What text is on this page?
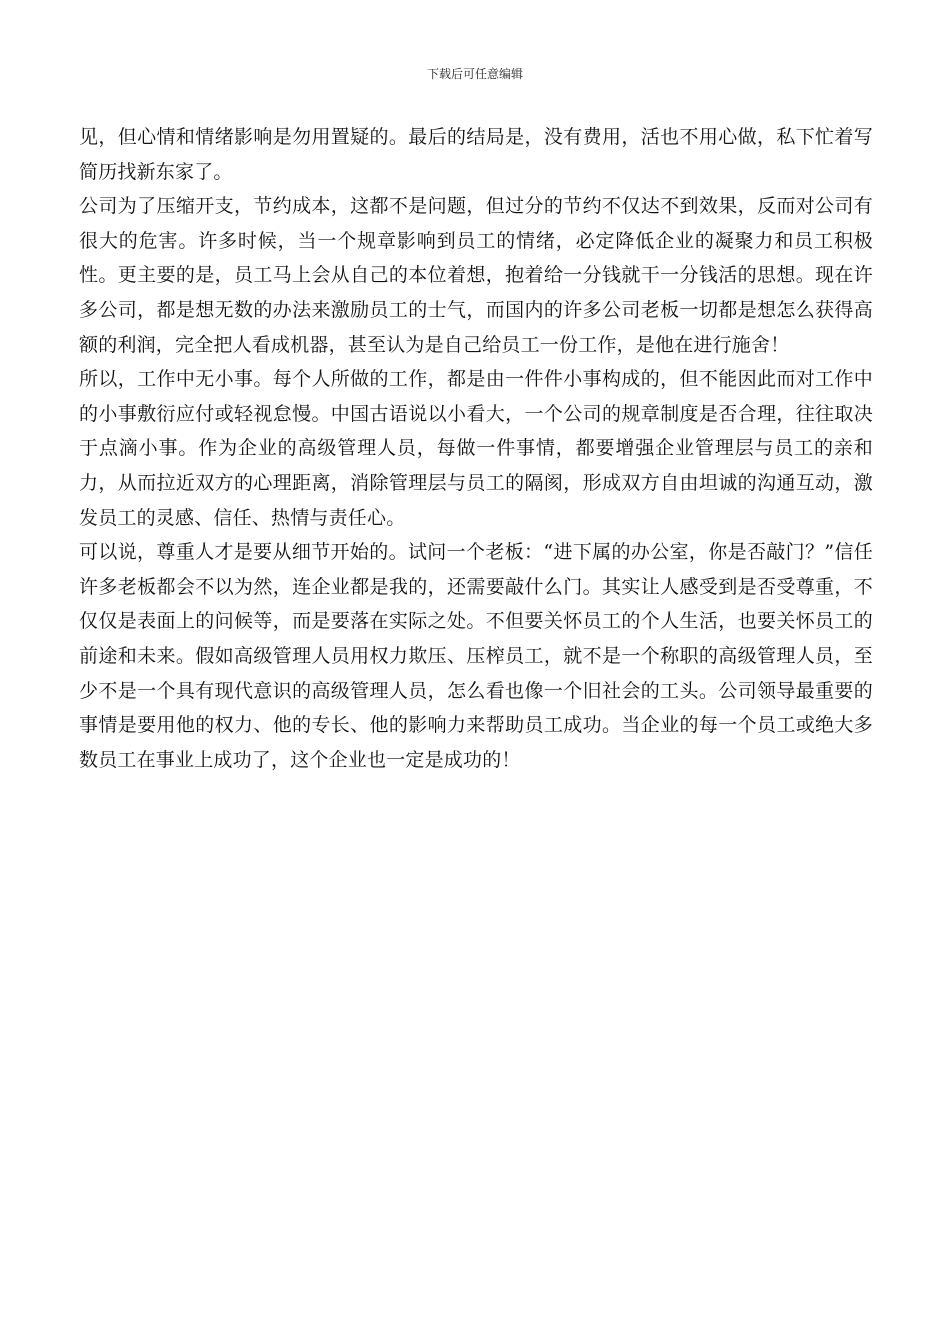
下载后可任意编辑

见，但心情和情绪影响是勿用置疑的。最后的结局是，没有费用，活也不用心做，私下忙着写简历找新东家了。

公司为了压缩开支，节约成本，这都不是问题，但过分的节约不仅达不到效果，反而对公司有很大的危害。许多时候，当一个规章影响到员工的情绪，必定降低企业的凝聚力和员工积极性。更主要的是，员工马上会从自己的本位着想，抱着给一分钱就干一分钱活的思想。现在许多公司，都是想无数的办法来激励员工的士气，而国内的许多公司老板一切都是想怎么获得高额的利润，完全把人看成机器，甚至认为是自己给员工一份工作，是他在进行施舍！

所以，工作中无小事。每个人所做的工作，都是由一件件小事构成的，但不能因此而对工作中的小事敷衍应付或轻视怠慢。中国古语说以小看大，一个公司的规章制度是否合理，往往取决于点滴小事。作为企业的高级管理人员，每做一件事情，都要增强企业管理层与员工的亲和力，从而拉近双方的心理距离，消除管理层与员工的隔阂，形成双方自由坦诚的沟通互动，激发员工的灵感、信任、热情与责任心。

可以说，尊重人才是要从细节开始的。试问一个老板：“进下属的办公室，你是否敲门？”信任许多老板都会不以为然，连企业都是我的，还需要敲什么门。其实让人感受到是否受尊重，不仅仅是表面上的问候等，而是要落在实际之处。不但要关怀员工的个人生活，也要关怀员工的前途和未来。假如高级管理人员用权力欺压、压榨员工，就不是一个称职的高级管理人员，至少不是一个具有现代意识的高级管理人员，怎么看也像一个旧社会的工头。公司领导最重要的事情是要用他的权力、他的专长、他的影响力来帮助员工成功。当企业的每一个员工或绝大多数员工在事业上成功了，这个企业也一定是成功的！
